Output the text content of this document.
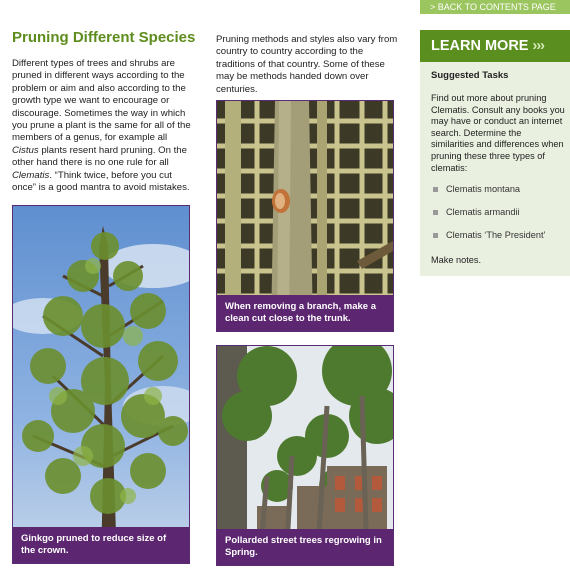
> BACK TO CONTENTS PAGE
Pruning Different Species
Different types of trees and shrubs are pruned in different ways according to the problem or aim and also according to the growth type we want to encourage or discourage. Sometimes the way in which you prune a plant is the same for all of the members of a genus, for example all Cistus plants resent hard pruning. On the other hand there is no one rule for all Clematis. “Think twice, before you cut once” is a good mantra to avoid mistakes.
Pruning methods and styles also vary from country to country according to the traditions of that country. Some of these may be methods handed down over centuries.
Ginkgo pruned to reduce size of the crown.
When removing a branch, make a clean cut close to the trunk.
Pollarded street trees regrowing in Spring.
LEARN MORE ›››
Suggested Tasks
Find out more about pruning Clematis. Consult any books you may have or conduct an internet search. Determine the similarities and differences when pruning these three types of clematis:
Clematis montana
Clematis armandii
Clematis ‘The President’
Make notes.
